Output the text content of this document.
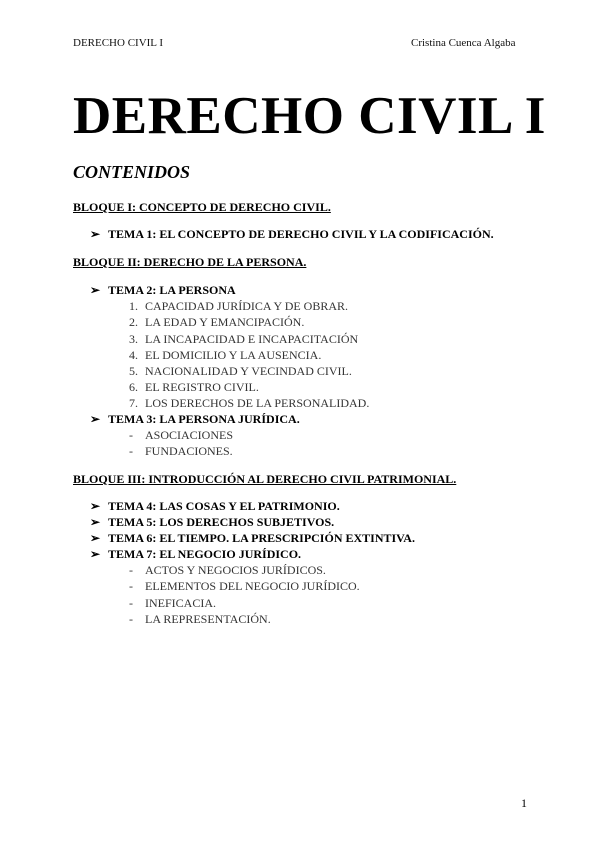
DERECHO CIVIL I	Cristina Cuenca Algaba
DERECHO CIVIL I
CONTENIDOS
BLOQUE I: CONCEPTO DE DERECHO CIVIL.
➢ TEMA 1: EL CONCEPTO DE DERECHO CIVIL Y LA CODIFICACIÓN.
BLOQUE II: DERECHO DE LA PERSONA.
➢ TEMA 2: LA PERSONA
1. CAPACIDAD JURÍDICA Y DE OBRAR.
2. LA EDAD Y EMANCIPACIÓN.
3. LA INCAPACIDAD E INCAPACITACIÓN
4. EL DOMICILIO Y LA AUSENCIA.
5. NACIONALIDAD Y VECINDAD CIVIL.
6. EL REGISTRO CIVIL.
7. LOS DERECHOS DE LA PERSONALIDAD.
➢ TEMA 3: LA PERSONA JURÍDICA.
- ASOCIACIONES
- FUNDACIONES.
BLOQUE III: INTRODUCCIÓN AL DERECHO CIVIL PATRIMONIAL.
➢ TEMA 4: LAS COSAS Y EL PATRIMONIO.
➢ TEMA 5: LOS DERECHOS SUBJETIVOS.
➢ TEMA 6: EL TIEMPO. LA PRESCRIPCIÓN EXTINTIVA.
➢ TEMA 7: EL NEGOCIO JURÍDICO.
- ACTOS Y NEGOCIOS JURÍDICOS.
- ELEMENTOS DEL NEGOCIO JURÍDICO.
- INEFICACIA.
- LA REPRESENTACIÓN.
1
